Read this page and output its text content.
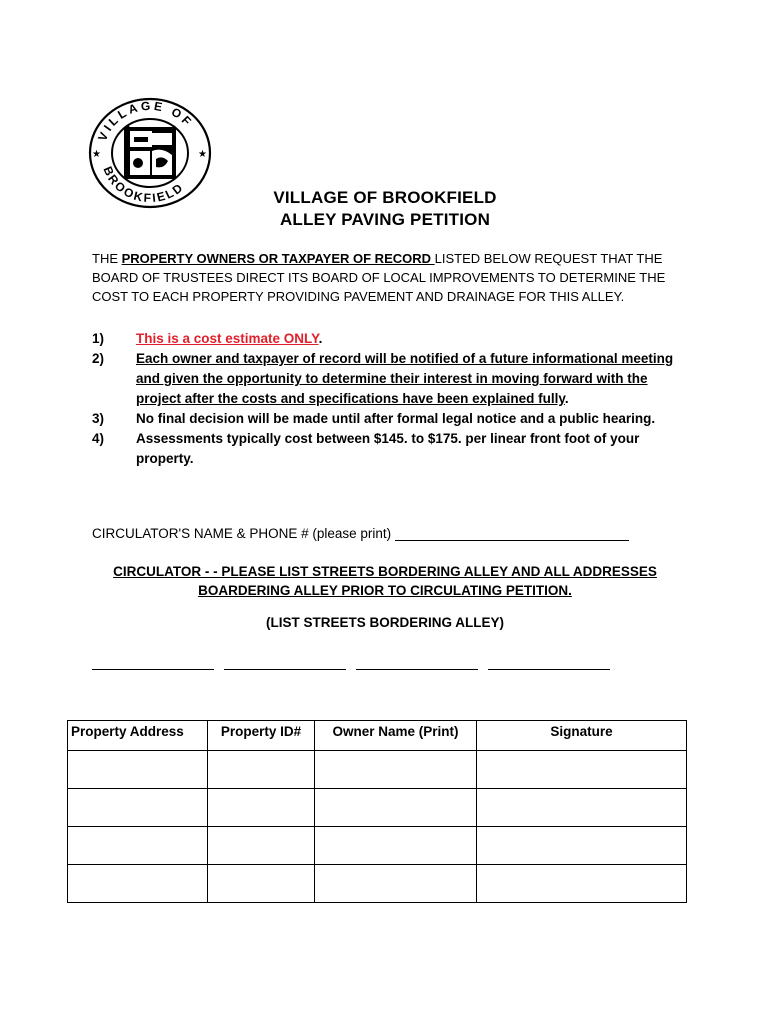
VILLAGE OF
BROOKFIELD
★	★
VILLAGE OF BROOKFIELD
ALLEY PAVING PETITION
THE PROPERTY OWNERS OR TAXPAYER OF RECORD LISTED BELOW REQUEST THAT THE BOARD OF TRUSTEES DIRECT ITS BOARD OF LOCAL IMPROVEMENTS TO DETERMINE THE COST TO EACH PROPERTY PROVIDING PAVEMENT AND DRAINAGE FOR THIS ALLEY.
1)	This is a cost estimate ONLY.
2)	Each owner and taxpayer of record will be notified of a future informational meeting and given the opportunity to determine their interest in moving forward with the project after the costs and specifications have been explained fully.
3)	No final decision will be made until after formal legal notice and a public hearing.
4)	Assessments typically cost between $145. to $175. per linear front foot of your property.
CIRCULATOR'S NAME & PHONE # (please print)
CIRCULATOR - - PLEASE LIST STREETS BORDERING ALLEY AND ALL ADDRESSES
BOARDERING ALLEY PRIOR TO CIRCULATING PETITION.
(LIST STREETS BORDERING ALLEY)
Property Address	Property ID#	Owner Name (Print)	Signature
